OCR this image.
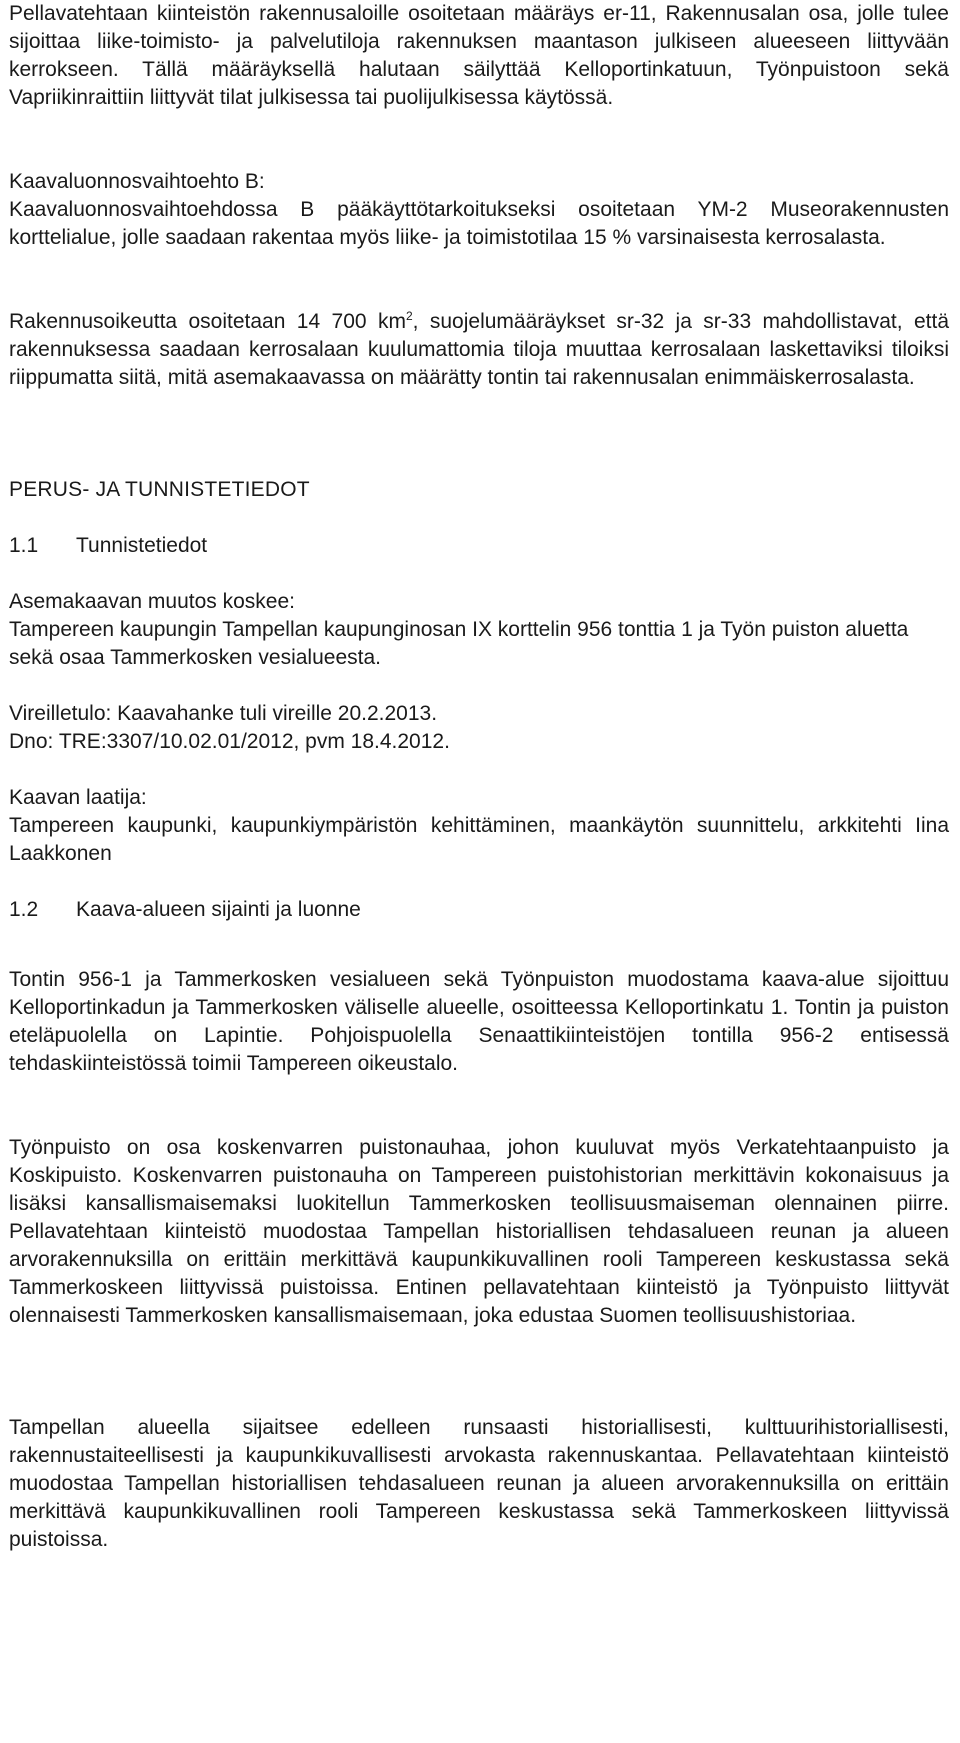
Pellavatehtaan kiinteistön rakennusaloille osoitetaan määräys er-11, Rakennusalan osa, jolle tulee sijoittaa liike-toimisto- ja palvelutiloja rakennuksen maantason julkiseen alueeseen liittyvään kerrokseen. Tällä määräyksellä halutaan säilyttää Kelloportinkatuun, Työnpuistoon sekä Vapriikinraittiin liittyvät tilat julkisessa tai puolijulkisessa käytössä.

Kaavaluonnosvaihtoehto B:

Kaavaluonnosvaihtoehdossa B pääkäyttötarkoitukseksi osoitetaan YM-2 Museorakennusten korttelialue, jolle saadaan rakentaa myös liike- ja toimistotilaa 15 % varsinaisesta kerrosalasta.

Rakennusoikeutta osoitetaan 14 700 $km^2$, suojelumääräykset sr-32 ja sr-33 mahdollistavat, että rakennuksessa saadaan kerrosalaan kuulumattomia tiloja muuttaa kerrosalaan laskettaviksi tiloiksi riippumatta siitä, mitä asemakaavassa on määrätty tontin tai rakennusalan enimmäiskerrosalasta.

PERUS- JA TUNNISTETIEDOT
1.1 Tunnistetiedot

Asemakaavan muutos koskee:

Tampereen kaupungin Tampellan kaupunginosan IX korttelin 956 tonttia 1 ja Työn puiston aluetta sekä osaa Tammerkosken vesialueesta.

Vireilletulo: Kaavahanke tuli vireille 20.2.2013.

Dno: TRE:3307/10.02.01/2012, pvm 18.4.2012.

Kaavan laatija:

Tampereen kaupunki, kaupunkiympäristön kehittäminen, maankäytön suunnittelu, arkkitehti Iina Laakkonen

1.2 Kaava-alueen sijainti ja luonne

Tontin 956-1 ja Tammerkosken vesialueen sekä Työnpuiston muodostama kaava-alue sijoittuu Kelloportinkadun ja Tammerkosken väliselle alueelle, osoitteessa Kelloportinkatu 1. Tontin ja puiston eteläpuolella on Lapintie. Pohjoispuolella Senaattikiinteistöjen tontilla 956-2 entisessä tehdaskiinteistössä toimii Tampereen oikeustalo.

Työnpuisto on osa koskenvarren puistonauhaa, johon kuuluvat myös Verkatehtaanpuisto ja Koskipuisto. Koskenvarren puistonauha on Tampereen puistohistorian merkittävin kokonaisuus ja lisäksi kansallismaisemaksi luokitellun Tammerkosken teollisuusmaiseman olennainen piirre. Pellavatehtaan kiinteistö muodostaa Tampellan historiallisen tehdasalueen reunan ja alueen arvorakennuksilla on erittäin merkittävä kaupunkikuvallinen rooli Tampereen keskustassa sekä Tammerkoskeen liittyvissä puistoissa. Entinen pellavatehtaan kiinteistö ja Työnpuisto liittyvät olennaisesti Tammerkosken kansallismaisemaan, joka edustaa Suomen teollisuushistoriaa.

Tampellan alueella sijaitsee edelleen runsaasti historiallisesti, kulttuurihistoriallisesti, rakennustaiteellisesti ja kaupunkikuvallisesti arvokasta rakennuskantaa. Pellavatehtaan kiinteistö muodostaa Tampellan historiallisen tehdasalueen reunan ja alueen arvorakennuksilla on erittäin merkittävä kaupunkikuvallinen rooli Tampereen keskustassa sekä Tammerkoskeen liittyvissä puistoissa.
